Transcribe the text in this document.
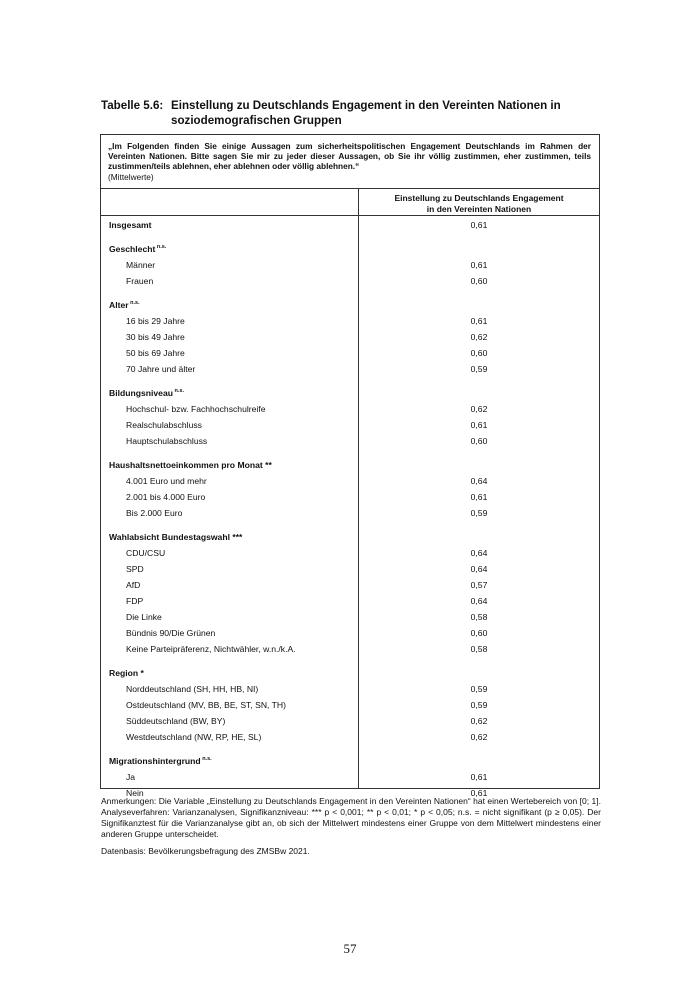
Tabelle 5.6: Einstellung zu Deutschlands Engagement in den Vereinten Nationen in
soziodemografischen Gruppen
„Im Folgenden finden Sie einige Aussagen zum sicherheitspolitischen Engagement Deutschlands im Rahmen der Vereinten Nationen. Bitte sagen Sie mir zu jeder dieser Aussagen, ob Sie ihr völlig zustimmen, eher zustimmen, teils zustimmen/teils ablehnen, eher ablehnen oder völlig ablehnen.“
(Mittelwerte)
Einstellung zu Deutschlands Engagement
in den Vereinten Nationen
Insgesamt	0,61
Geschlecht $^{n.s.}$
Männer	0,61
Frauen	0,60
Alter $^{n.s.}$
16 bis 29 Jahre	0,61
30 bis 49 Jahre	0,62
50 bis 69 Jahre	0,60
70 Jahre und älter	0,59
Bildungsniveau $^{n.s.}$
Hochschul- bzw. Fachhochschulreife	0,62
Realschulabschluss	0,61
Hauptschulabschluss	0,60
Haushaltsnettoeinkommen pro Monat **
4.001 Euro und mehr	0,64
2.001 bis 4.000 Euro	0,61
Bis 2.000 Euro	0,59
Wahlabsicht Bundestagswahl ***
CDU/CSU	0,64
SPD	0,64
AfD	0,57
FDP	0,64
Die Linke	0,58
Bündnis 90/Die Grünen	0,60
Keine Parteipräferenz, Nichtwähler, w.n./k.A.	0,58
Region *
Norddeutschland (SH, HH, HB, NI)	0,59
Ostdeutschland (MV, BB, BE, ST, SN, TH)	0,59
Süddeutschland (BW, BY)	0,62
Westdeutschland (NW, RP, HE, SL)	0,62
Migrationshintergrund $^{n.s.}$
Ja	0,61
Nein	0,61
Anmerkungen: Die Variable „Einstellung zu Deutschlands Engagement in den Vereinten Nationen“ hat einen Wertebereich von [0; 1]. Analyseverfahren: Varianzanalysen, Signifikanzniveau: *** p < 0,001; ** p < 0,01; * p < 0,05; n.s. = nicht signifikant (p ≥ 0,05). Der Signifikanztest für die Varianzanalyse gibt an, ob sich der Mittelwert mindestens einer Gruppe von dem Mittelwert mindestens einer anderen Gruppe unterscheidet.
Datenbasis: Bevölkerungsbefragung des ZMSBw 2021.
57
